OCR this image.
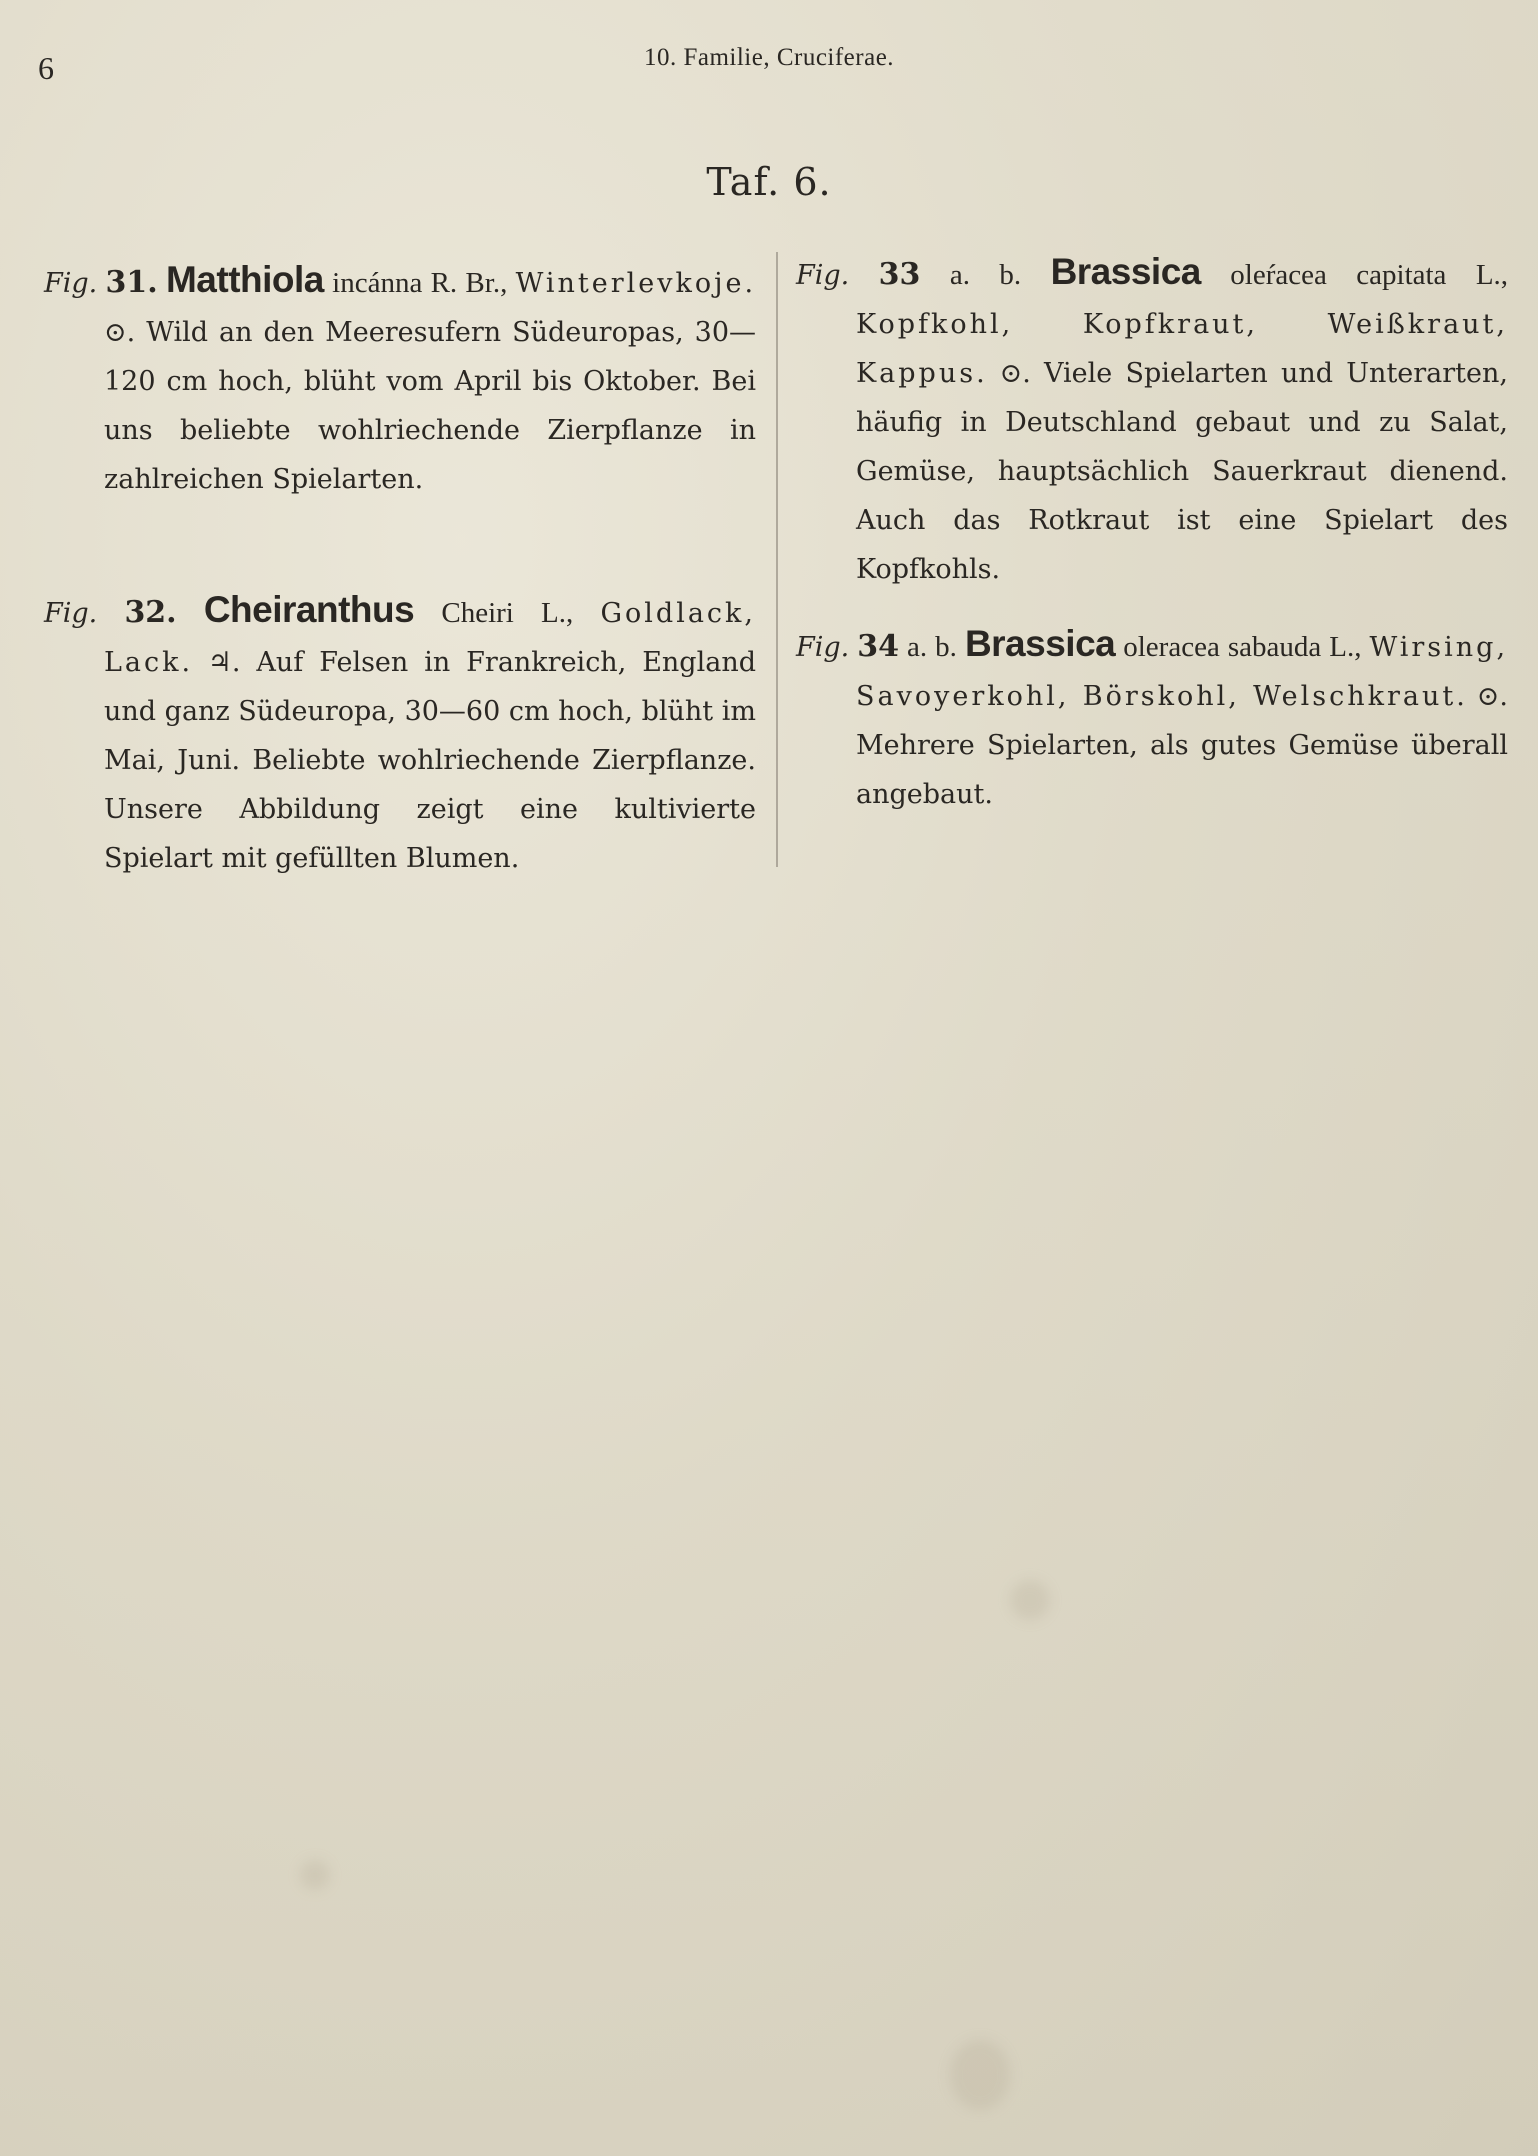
6	10. Familie, Cruciferae.
Taf. 6.

Fig. 31. Matthiola incánna R. Br., Winterlevkoje. ⊙. Wild an den Meeresufern Südeuropas, 30—120 cm hoch, blüht vom April bis Oktober. Bei uns beliebte wohlriechende Zierpflanze in zahlreichen Spielarten.

Fig. 32. Cheiranthus Cheiri L., Goldlack, Lack. ♃. Auf Felsen in Frankreich, England und ganz Südeuropa, 30—60 cm hoch, blüht im Mai, Juni. Beliebte wohlriechende Zierpflanze. Unsere Abbildung zeigt eine kultivierte Spielart mit gefüllten Blumen.

Fig. 33 a. b. Brassica oleŕacea capitata L., Kopfkohl, Kopfkraut, Weißkraut, Kappus. ⊙. Viele Spielarten und Unterarten, häufig in Deutschland gebaut und zu Salat, Gemüse, hauptsächlich Sauerkraut dienend. Auch das Rotkraut ist eine Spielart des Kopfkohls.

Fig. 34 a. b. Brassica oleracea sabauda L., Wirsing, Savoyerkohl, Börskohl, Welschkraut. ⊙. Mehrere Spielarten, als gutes Gemüse überall angebaut.
